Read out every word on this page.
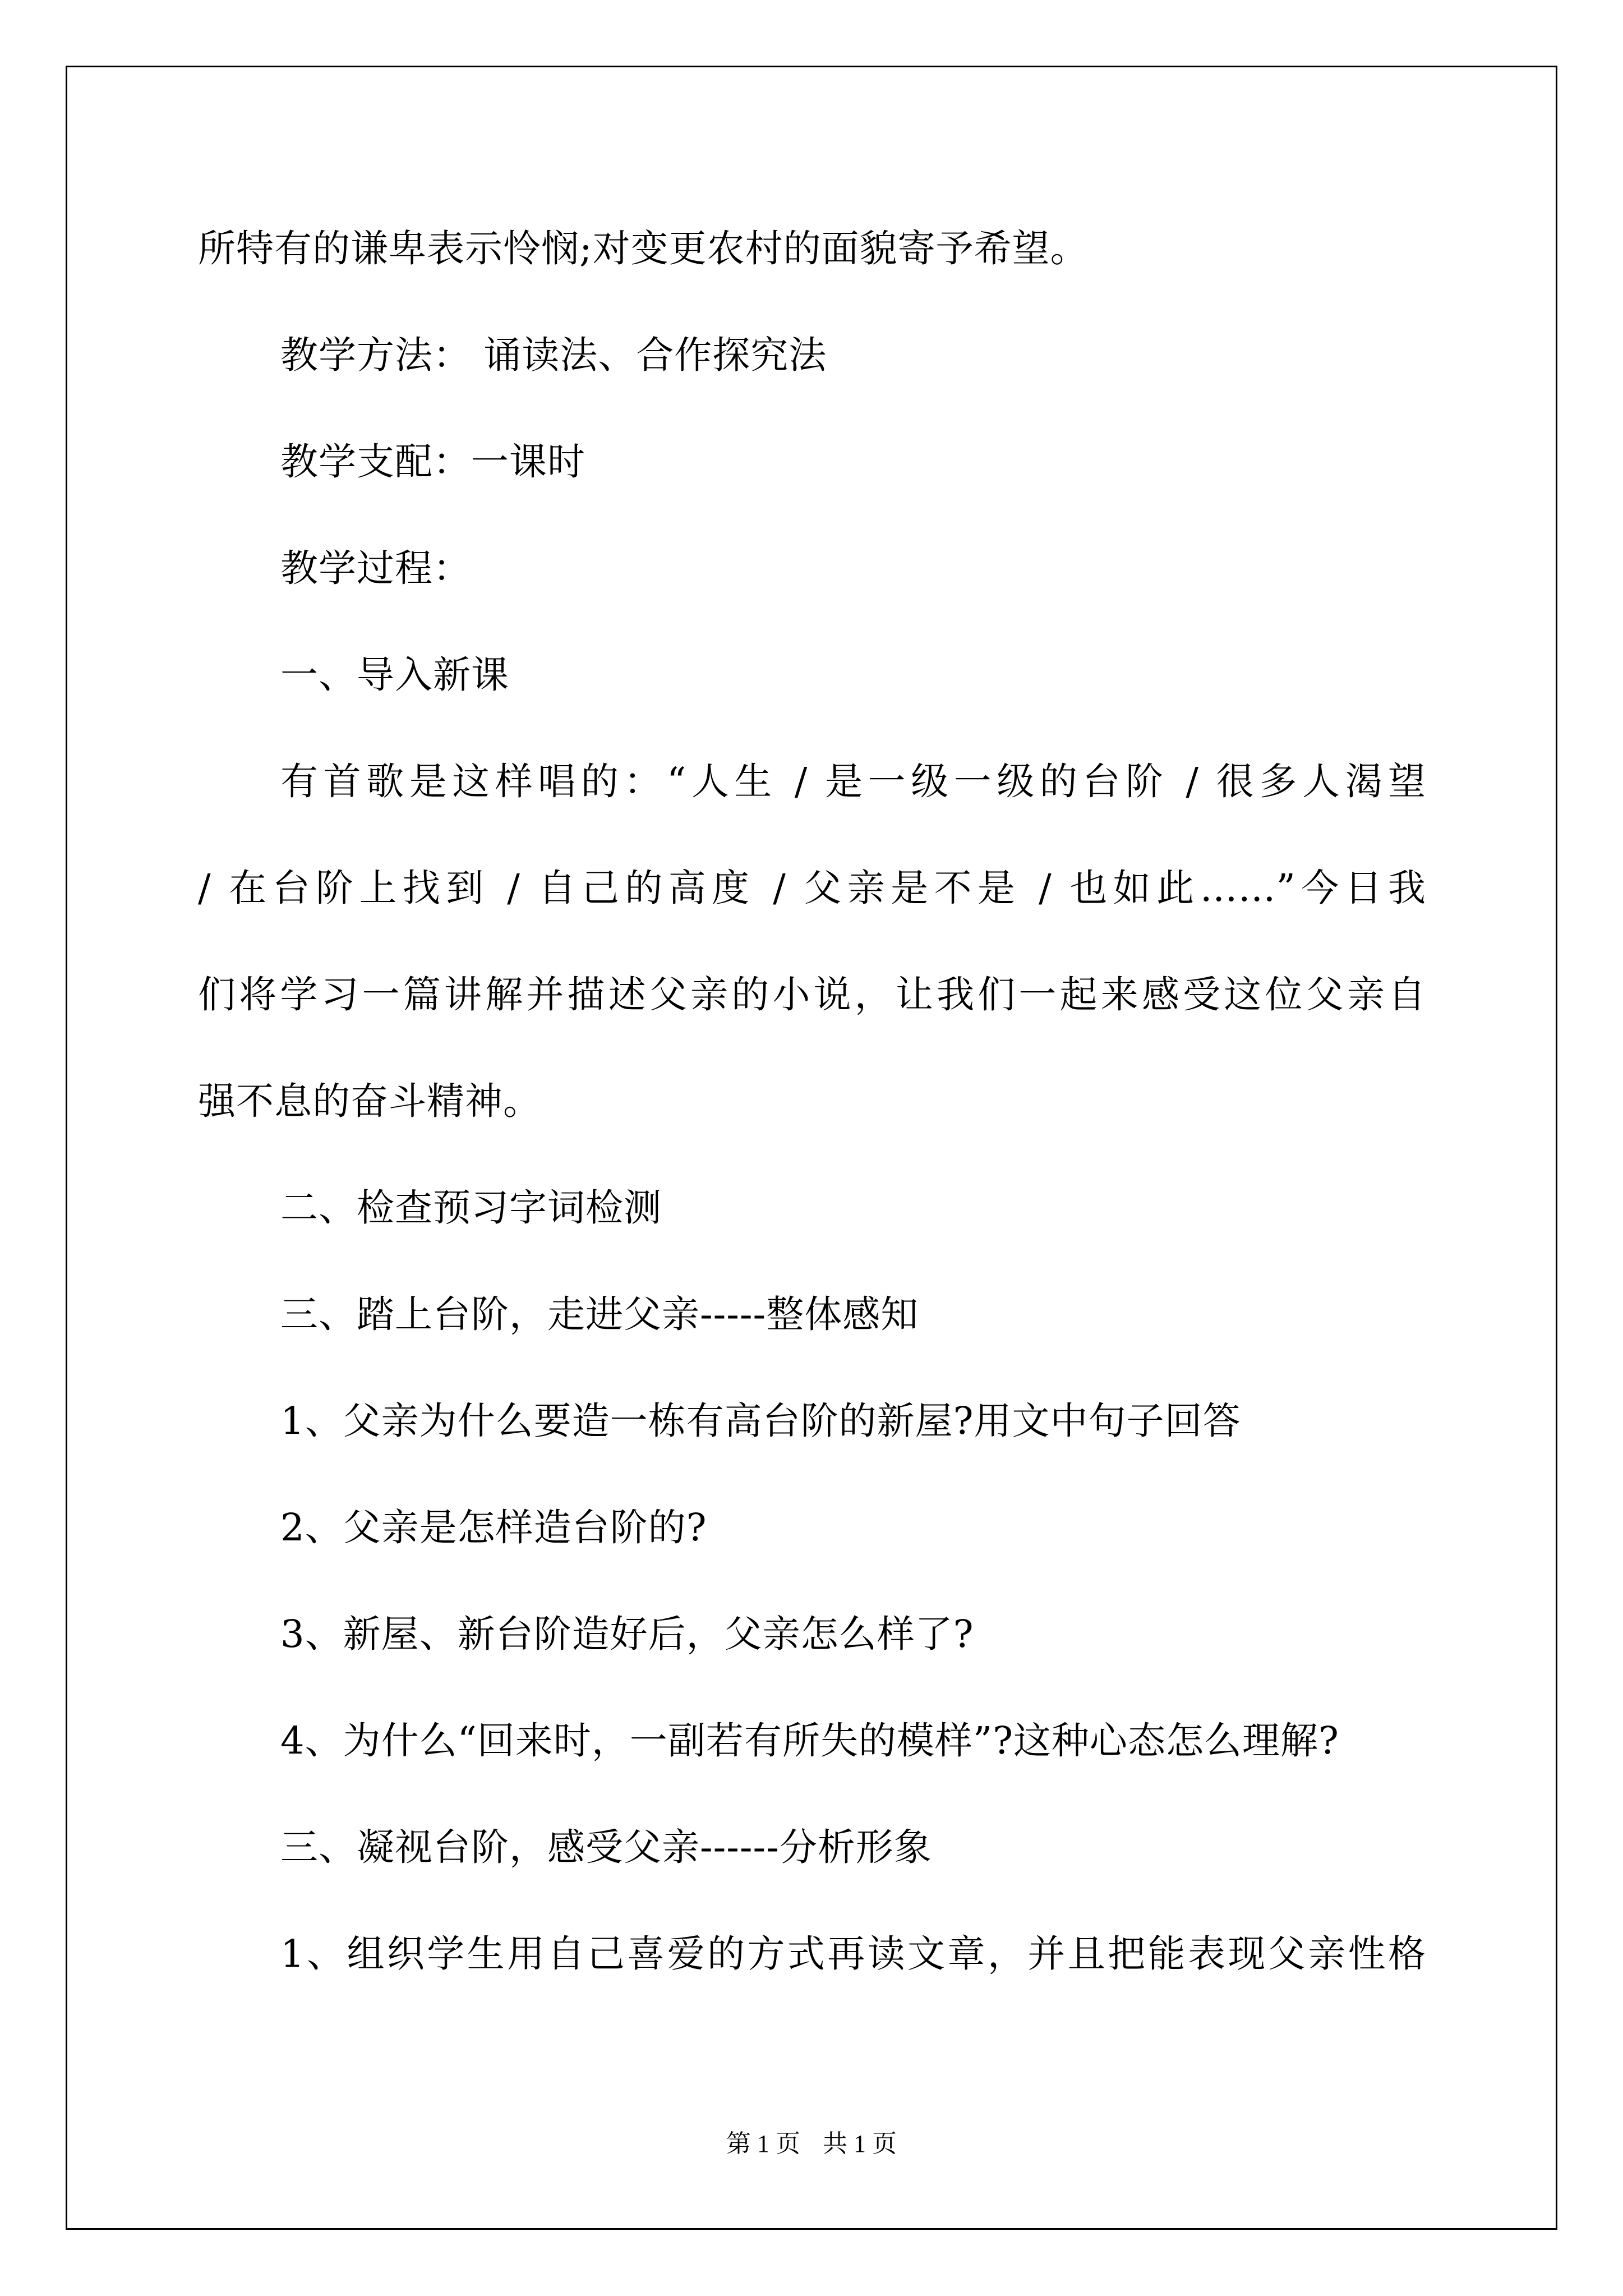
所特有的谦卑表示怜悯;对变更农村的面貌寄予希望。
教学方法： 诵读法、合作探究法
教学支配：一课时
教学过程：
一、导入新课
有首歌是这样唱的：“人生 / 是一级一级的台阶 / 很多人渴望
/ 在台阶上找到 / 自己的高度 / 父亲是不是 / 也如此……”今日我
们将学习一篇讲解并描述父亲的小说，让我们一起来感受这位父亲自
强不息的奋斗精神。
二、检查预习字词检测
三、踏上台阶，走进父亲-----整体感知
1、父亲为什么要造一栋有高台阶的新屋?用文中句子回答
2、父亲是怎样造台阶的?
3、新屋、新台阶造好后，父亲怎么样了?
4、为什么“回来时，一副若有所失的模样”?这种心态怎么理解?
三、凝视台阶，感受父亲------分析形象
1、组织学生用自己喜爱的方式再读文章，并且把能表现父亲性格
第 1 页 共 1 页
